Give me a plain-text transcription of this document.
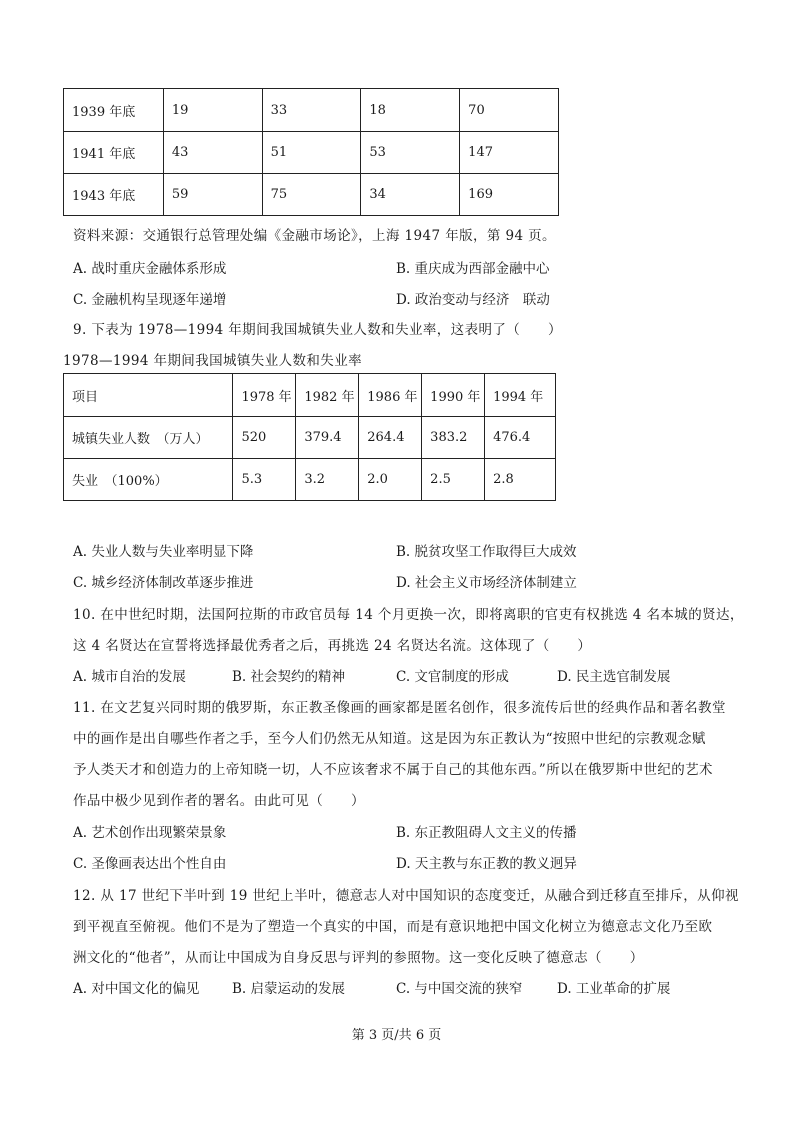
1939 年底	19	33	18	70
1941 年底	43	51	53	147
1943 年底	59	75	34	169
资料来源：交通银行总管理处编《金融市场论》，上海 1947 年版，第 94 页。
A. 战时重庆金融体系形成	B. 重庆成为西部金融中心
C. 金融机构呈现逐年递增	D. 政治变动与经济　联动
9. 下表为 1978—1994 年期间我国城镇失业人数和失业率，这表明了（　　）
1978—1994 年期间我国城镇失业人数和失业率
项目	1978 年	1982 年	1986 年	1990 年	1994 年
城镇失业人数　（万人）	520	379.4	264.4	383.2	476.4
失业　（100%）	5.3	3.2	2.0	2.5	2.8
A. 失业人数与失业率明显下降	B. 脱贫攻坚工作取得巨大成效
C. 城乡经济体制改革逐步推进	D. 社会主义市场经济体制建立
10. 在中世纪时期，法国阿拉斯的市政官员每 14 个月更换一次，即将离职的官吏有权挑选 4 名本城的贤达，
这 4 名贤达在宣誓将选择最优秀者之后，再挑选 24 名贤达名流。这体现了（　　）
A. 城市自治的发展	B. 社会契约的精神	C. 文官制度的形成	D. 民主选官制发展
11. 在文艺复兴同时期的俄罗斯，东正教圣像画的画家都是匿名创作，很多流传后世的经典作品和著名教堂
中的画作是出自哪些作者之手，至今人们仍然无从知道。这是因为东正教认为“按照中世纪的宗教观念赋
予人类天才和创造力的上帝知晓一切，人不应该奢求不属于自己的其他东西。”所以在俄罗斯中世纪的艺术
作品中极少见到作者的署名。由此可见（　　）
A. 艺术创作出现繁荣景象	B. 东正教阻碍人文主义的传播
C. 圣像画表达出个性自由	D. 天主教与东正教的教义迥异
12. 从 17 世纪下半叶到 19 世纪上半叶，德意志人对中国知识的态度变迁，从融合到迁移直至排斥，从仰视
到平视直至俯视。他们不是为了塑造一个真实的中国，而是有意识地把中国文化树立为德意志文化乃至欧
洲文化的“他者”，从而让中国成为自身反思与评判的参照物。这一变化反映了德意志（　　）
A. 对中国文化的偏见 B. 启蒙运动的发展	C. 与中国交流的狭窄	D. 工业革命的扩展
第 3 页/共 6 页
